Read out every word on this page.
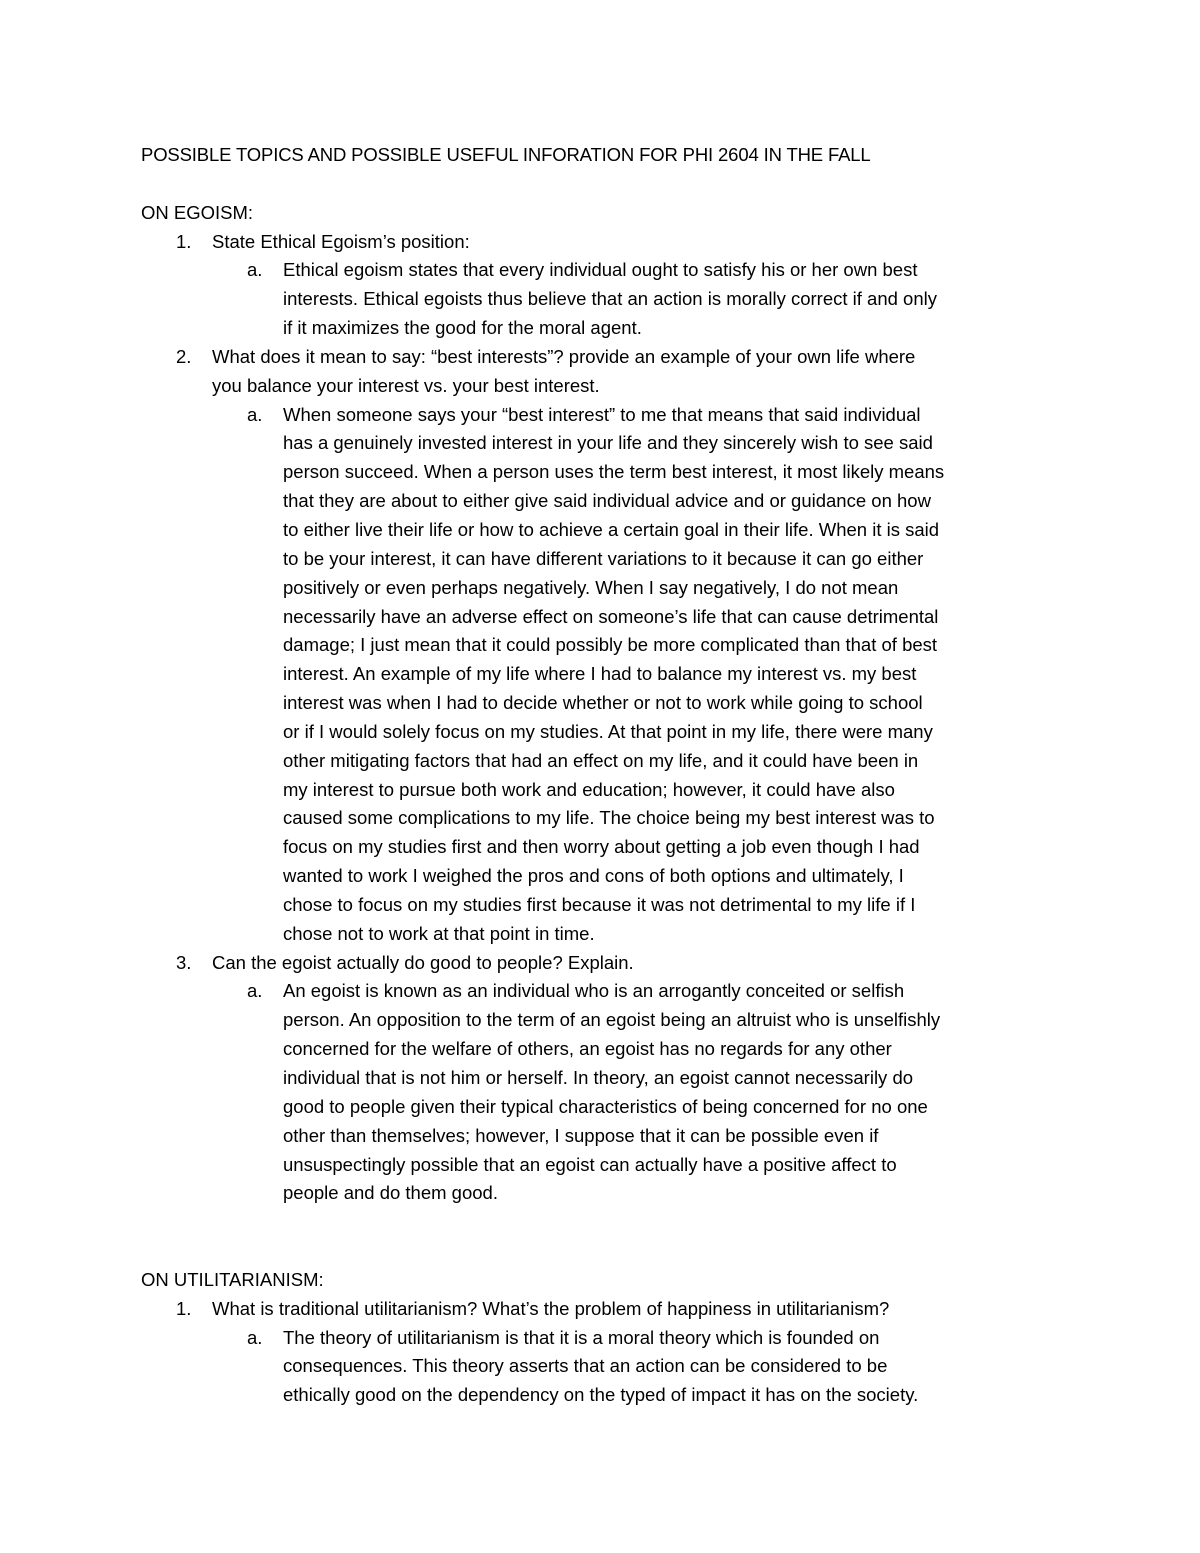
POSSIBLE TOPICS AND POSSIBLE USEFUL INFORATION FOR PHI 2604 IN THE FALL

ON EGOISM:

1. State Ethical Egoism’s position:
a. Ethical egoism states that every individual ought to satisfy his or her own best
interests. Ethical egoists thus believe that an action is morally correct if and only
if it maximizes the good for the moral agent.
2. What does it mean to say: “best interests”? provide an example of your own life where
you balance your interest vs. your best interest.
a. When someone says your “best interest” to me that means that said individual
has a genuinely invested interest in your life and they sincerely wish to see said
person succeed. When a person uses the term best interest, it most likely means
that they are about to either give said individual advice and or guidance on how
to either live their life or how to achieve a certain goal in their life. When it is said
to be your interest, it can have different variations to it because it can go either
positively or even perhaps negatively. When I say negatively, I do not mean
necessarily have an adverse effect on someone’s life that can cause detrimental
damage; I just mean that it could possibly be more complicated than that of best
interest. An example of my life where I had to balance my interest vs. my best
interest was when I had to decide whether or not to work while going to school
or if I would solely focus on my studies. At that point in my life, there were many
other mitigating factors that had an effect on my life, and it could have been in
my interest to pursue both work and education; however, it could have also
caused some complications to my life. The choice being my best interest was to
focus on my studies first and then worry about getting a job even though I had
wanted to work I weighed the pros and cons of both options and ultimately, I
chose to focus on my studies first because it was not detrimental to my life if I
chose not to work at that point in time.
3. Can the egoist actually do good to people? Explain.
a. An egoist is known as an individual who is an arrogantly conceited or selfish
person. An opposition to the term of an egoist being an altruist who is unselfishly
concerned for the welfare of others, an egoist has no regards for any other
individual that is not him or herself. In theory, an egoist cannot necessarily do
good to people given their typical characteristics of being concerned for no one
other than themselves; however, I suppose that it can be possible even if
unsuspectingly possible that an egoist can actually have a positive affect to
people and do them good.

ON UTILITARIANISM:

1. What is traditional utilitarianism? What’s the problem of happiness in utilitarianism?
a. The theory of utilitarianism is that it is a moral theory which is founded on
consequences. This theory asserts that an action can be considered to be
ethically good on the dependency on the typed of impact it has on the society.
